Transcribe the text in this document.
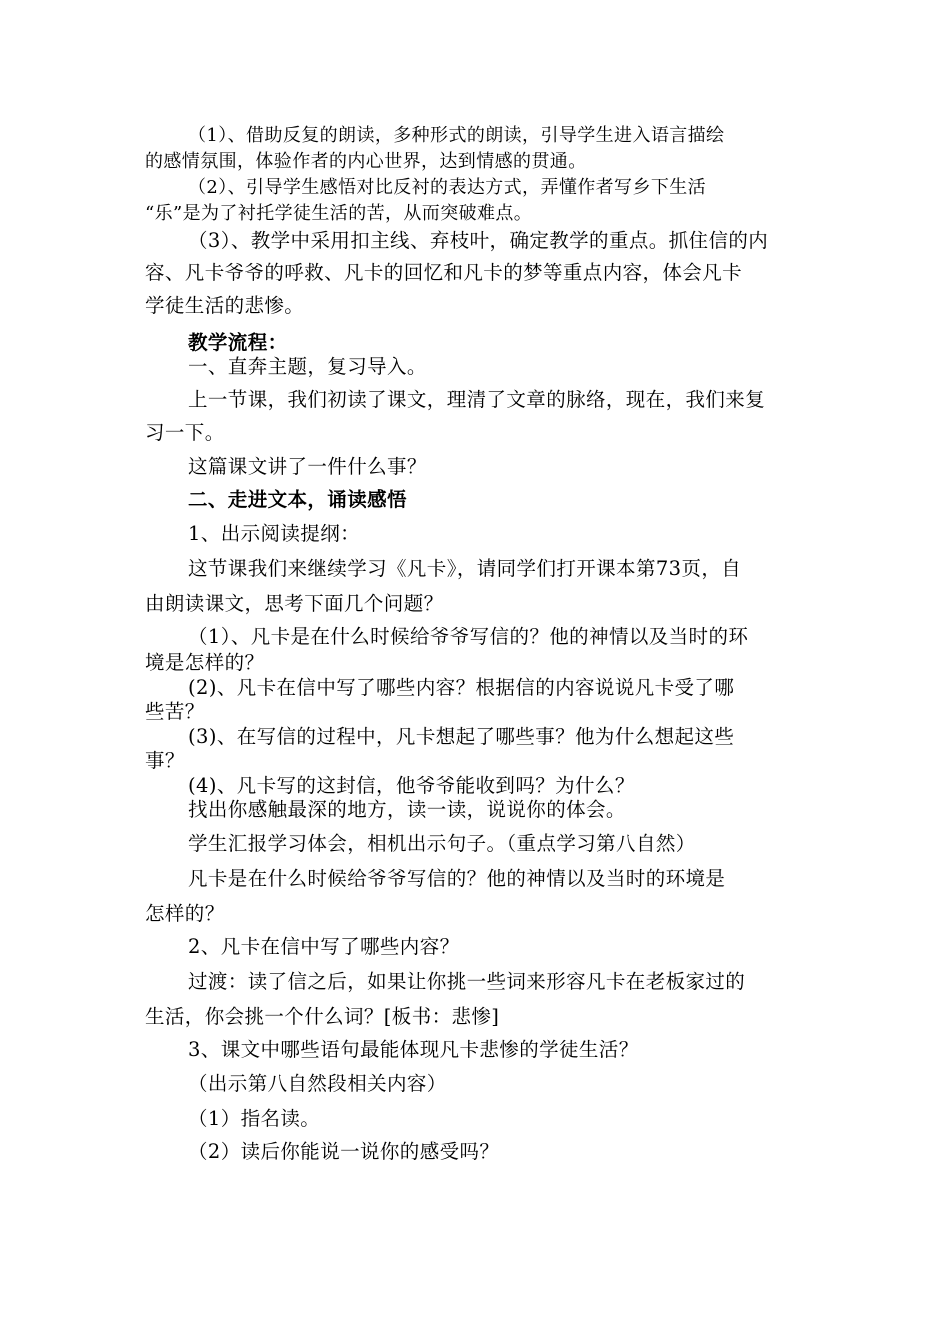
（1）、借助反复的朗读，多种形式的朗读，引导学生进入语言描绘
的感情氛围，体验作者的内心世界，达到情感的贯通。
（2）、引导学生感悟对比反衬的表达方式，弄懂作者写乡下生活
“乐”是为了衬托学徒生活的苦，从而突破难点。
（3）、教学中采用扣主线、弃枝叶，确定教学的重点。抓住信的内
容、凡卡爷爷的呼救、凡卡的回忆和凡卡的梦等重点内容，体会凡卡
学徒生活的悲惨。
教学流程：
一、直奔主题，复习导入。
上一节课，我们初读了课文，理清了文章的脉络，现在，我们来复
习一下。
这篇课文讲了一件什么事？
二、走进文本，诵读感悟
1、出示阅读提纲：
这节课我们来继续学习《凡卡》，请同学们打开课本第73页，自
由朗读课文，思考下面几个问题？
（1）、凡卡是在什么时候给爷爷写信的？他的神情以及当时的环
境是怎样的？
(2)、凡卡在信中写了哪些内容？根据信的内容说说凡卡受了哪
些苦？
(3)、在写信的过程中，凡卡想起了哪些事？他为什么想起这些
事？
(4)、凡卡写的这封信，他爷爷能收到吗？为什么？
找出你感触最深的地方，读一读，说说你的体会。
学生汇报学习体会，相机出示句子。（重点学习第八自然）
凡卡是在什么时候给爷爷写信的？他的神情以及当时的环境是
怎样的？
2、凡卡在信中写了哪些内容？
过渡：读了信之后，如果让你挑一些词来形容凡卡在老板家过的
生活，你会挑一个什么词？[板书：悲惨]
3、课文中哪些语句最能体现凡卡悲惨的学徒生活？
（出示第八自然段相关内容）
（1）指名读。
（2）读后你能说一说你的感受吗？
